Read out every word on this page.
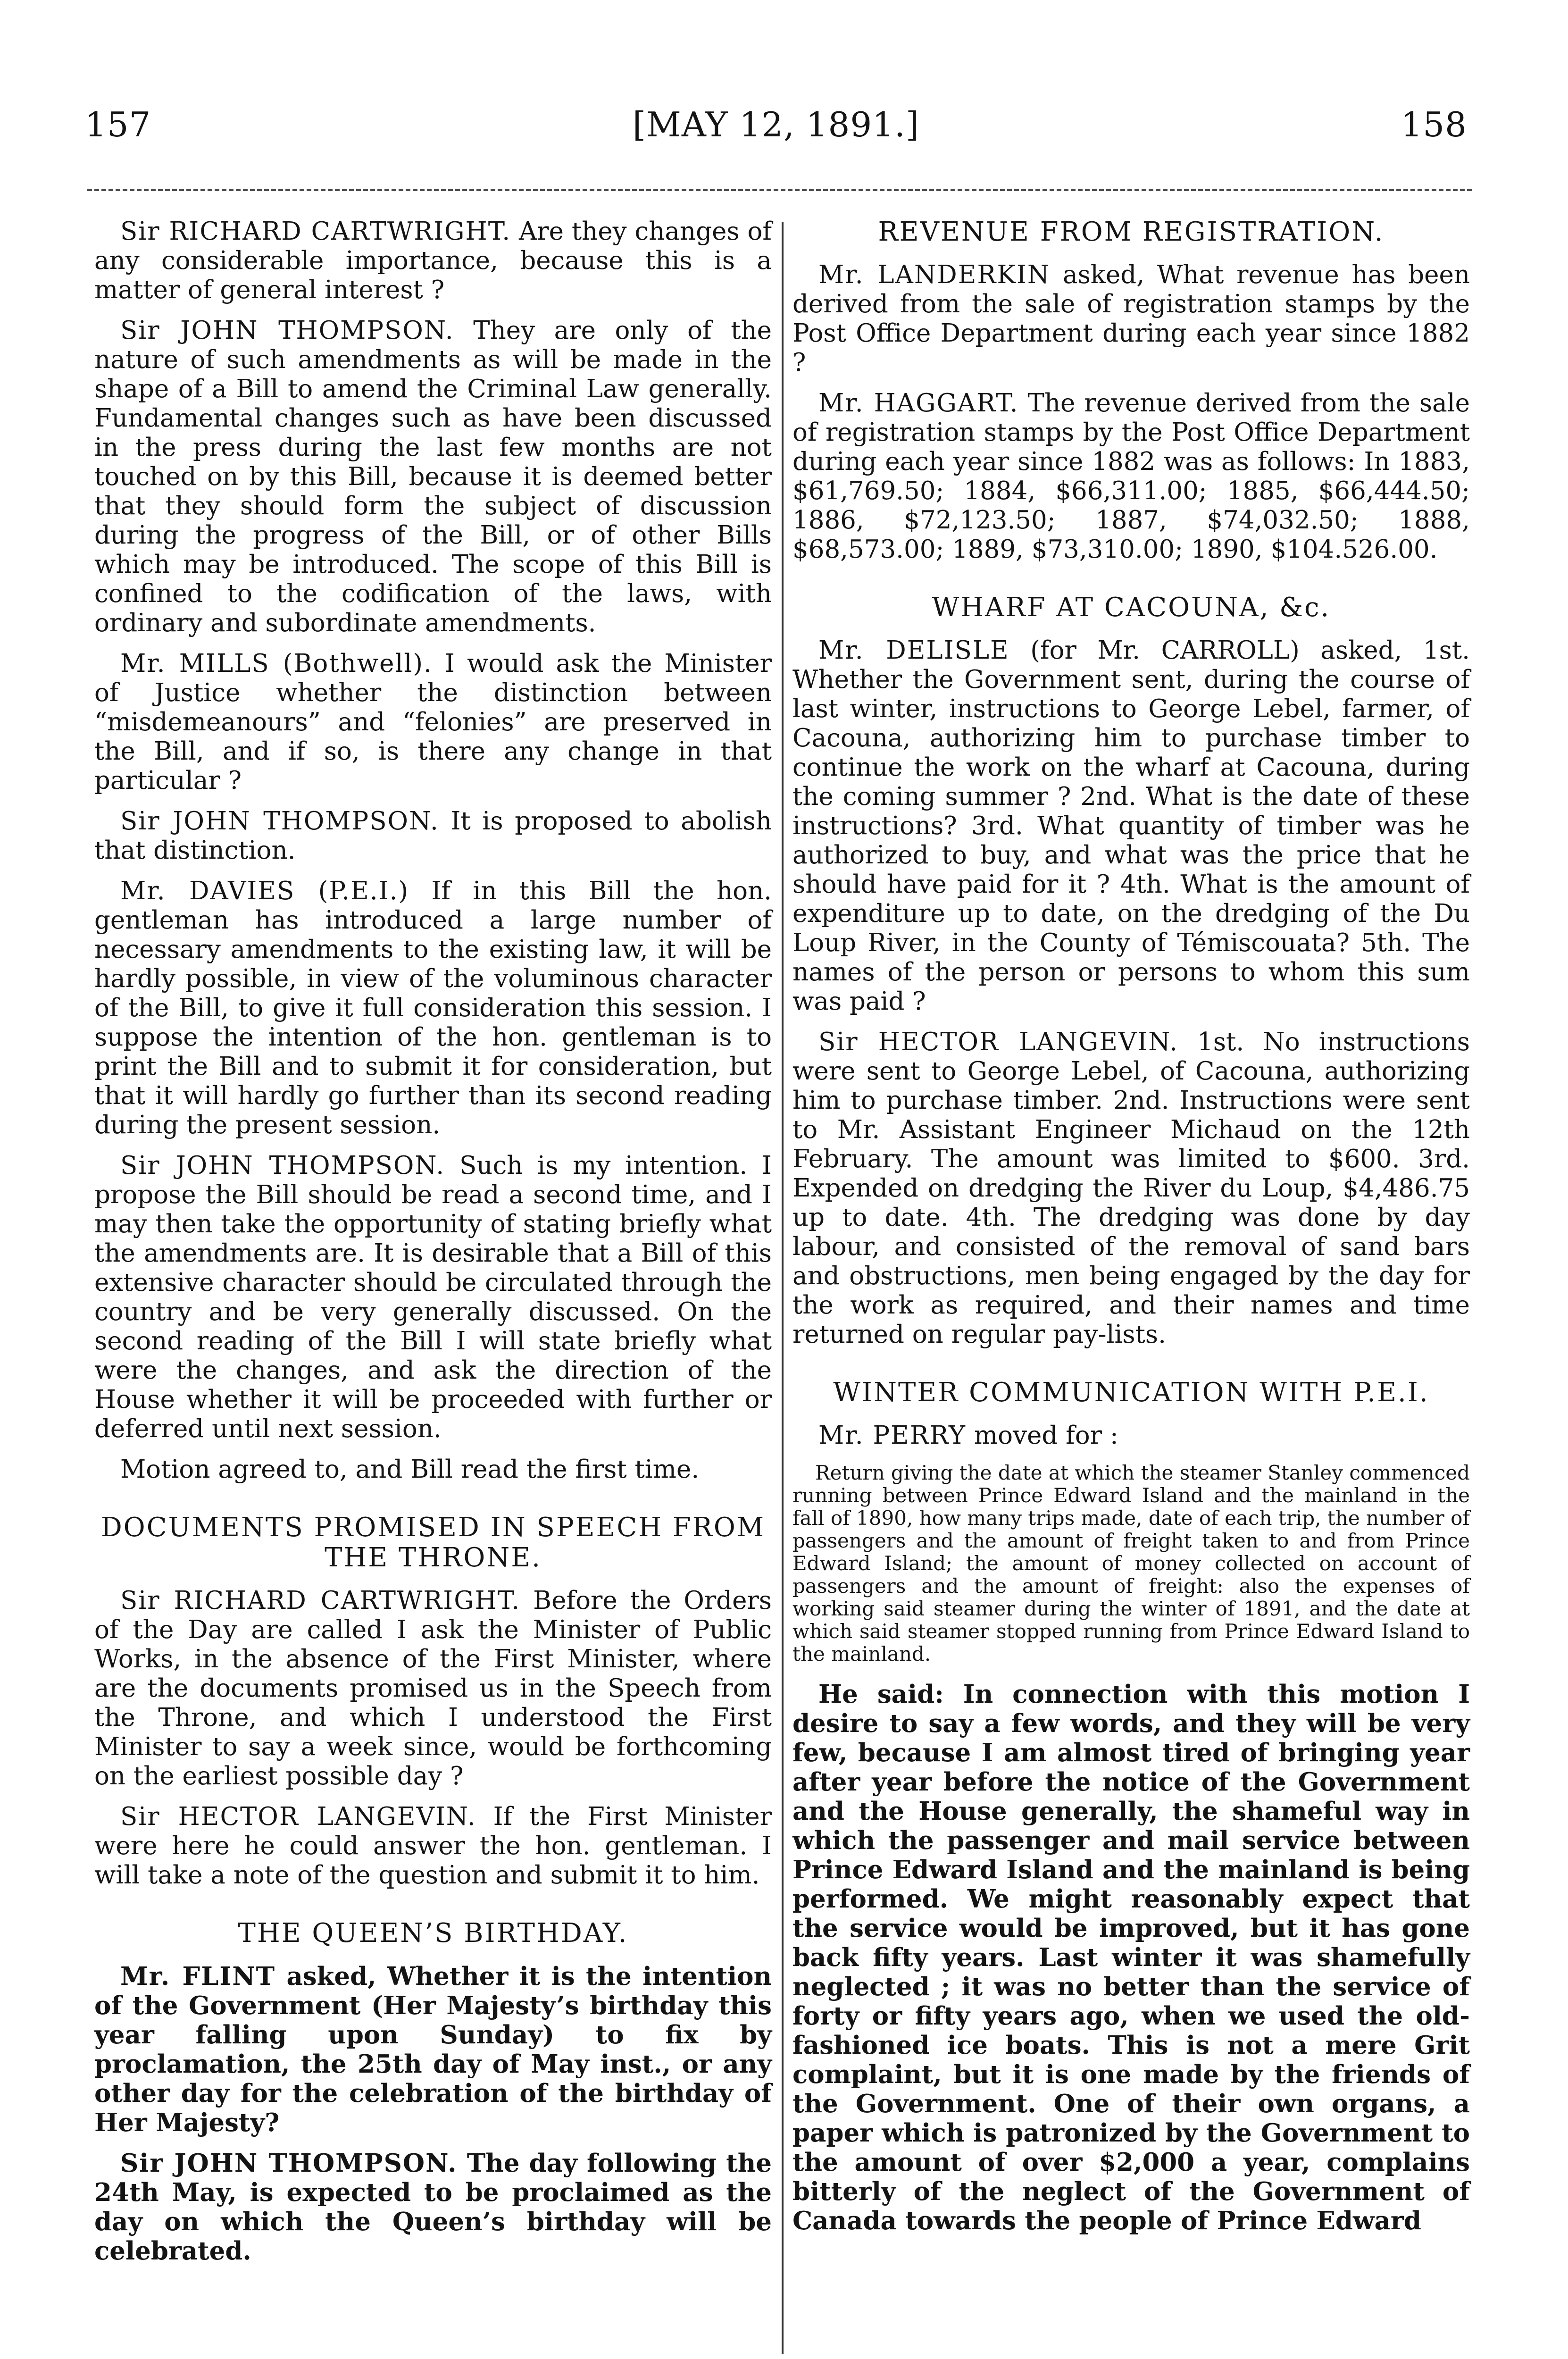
157	[MAY 12, 1891.]	158

Sir RICHARD CARTWRIGHT. Are they changes of any considerable importance, because this is a matter of general interest ?

Sir JOHN THOMPSON. They are only of the nature of such amendments as will be made in the shape of a Bill to amend the Criminal Law generally. Fundamental changes such as have been discussed in the press during the last few months are not touched on by this Bill, because it is deemed better that they should form the subject of discussion during the progress of the Bill, or of other Bills which may be introduced. The scope of this Bill is confined to the codification of the laws, with ordinary and subordinate amendments.

Mr. MILLS (Bothwell). I would ask the Minister of Justice whether the distinction between “misdemeanours” and “felonies” are preserved in the Bill, and if so, is there any change in that particular ?

Sir JOHN THOMPSON. It is proposed to abolish that distinction.

Mr. DAVIES (P.E.I.) If in this Bill the hon. gentleman has introduced a large number of necessary amendments to the existing law, it will be hardly possible, in view of the voluminous character of the Bill, to give it full consideration this session. I suppose the intention of the hon. gentleman is to print the Bill and to submit it for consideration, but that it will hardly go further than its second reading during the present session.

Sir JOHN THOMPSON. Such is my intention. I propose the Bill should be read a second time, and I may then take the opportunity of stating briefly what the amendments are. It is desirable that a Bill of this extensive character should be circulated through the country and be very generally discussed. On the second reading of the Bill I will state briefly what were the changes, and ask the direction of the House whether it will be proceeded with further or deferred until next session.

Motion agreed to, and Bill read the first time.

DOCUMENTS PROMISED IN SPEECH FROM THE THRONE.

Sir RICHARD CARTWRIGHT. Before the Orders of the Day are called I ask the Minister of Public Works, in the absence of the First Minister, where are the documents promised us in the Speech from the Throne, and which I understood the First Minister to say a week since, would be forthcoming on the earliest possible day ?

Sir HECTOR LANGEVIN. If the First Minister were here he could answer the hon. gentleman. I will take a note of the question and submit it to him.

THE QUEEN’S BIRTHDAY.

Mr. FLINT asked, Whether it is the intention of the Government (Her Majesty’s birthday this year falling upon Sunday) to fix by proclamation, the 25th day of May inst., or any other day for the celebration of the birthday of Her Majesty?

Sir JOHN THOMPSON. The day following the 24th May, is expected to be proclaimed as the day on which the Queen’s birthday will be celebrated.

REVENUE FROM REGISTRATION.

Mr. LANDERKIN asked, What revenue has been derived from the sale of registration stamps by the Post Office Department during each year since 1882 ?

Mr. HAGGART. The revenue derived from the sale of registration stamps by the Post Office Department during each year since 1882 was as follows: In 1883, $61,769.50; 1884, $66,311.00; 1885, $66,444.50; 1886, $72,123.50; 1887, $74,032.50; 1888, $68,573.00; 1889, $73,310.00; 1890, $104.526.00.

WHARF AT CACOUNA, &c.

Mr. DELISLE (for Mr. CARROLL) asked, 1st. Whether the Government sent, during the course of last winter, instructions to George Lebel, farmer, of Cacouna, authorizing him to purchase timber to continue the work on the wharf at Cacouna, during the coming summer ? 2nd. What is the date of these instructions? 3rd. What quantity of timber was he authorized to buy, and what was the price that he should have paid for it ? 4th. What is the amount of expenditure up to date, on the dredging of the Du Loup River, in the County of Témiscouata? 5th. The names of the person or persons to whom this sum was paid ?

Sir HECTOR LANGEVIN. 1st. No instructions were sent to George Lebel, of Cacouna, authorizing him to purchase timber. 2nd. Instructions were sent to Mr. Assistant Engineer Michaud on the 12th February. The amount was limited to $600. 3rd. Expended on dredging the River du Loup, $4,486.75 up to date. 4th. The dredging was done by day labour, and consisted of the removal of sand bars and obstructions, men being engaged by the day for the work as required, and their names and time returned on regular pay-lists.

WINTER COMMUNICATION WITH P.E.I.

Mr. PERRY moved for :

Return giving the date at which the steamer Stanley commenced running between Prince Edward Island and the mainland in the fall of 1890, how many trips made, date of each trip, the number of passengers and the amount of freight taken to and from Prince Edward Island; the amount of money collected on account of passengers and the amount of freight: also the expenses of working said steamer during the winter of 1891, and the date at which said steamer stopped running from Prince Edward Island to the mainland.

He said: In connection with this motion I desire to say a few words, and they will be very few, because I am almost tired of bringing year after year before the notice of the Government and the House generally, the shameful way in which the passenger and mail service between Prince Edward Island and the mainland is being performed. We might reasonably expect that the service would be improved, but it has gone back fifty years. Last winter it was shamefully neglected ; it was no better than the service of forty or fifty years ago, when we used the old-fashioned ice boats. This is not a mere Grit complaint, but it is one made by the friends of the Government. One of their own organs, a paper which is patronized by the Government to the amount of over $2,000 a year, complains bitterly of the neglect of the Government of Canada towards the people of Prince Edward
